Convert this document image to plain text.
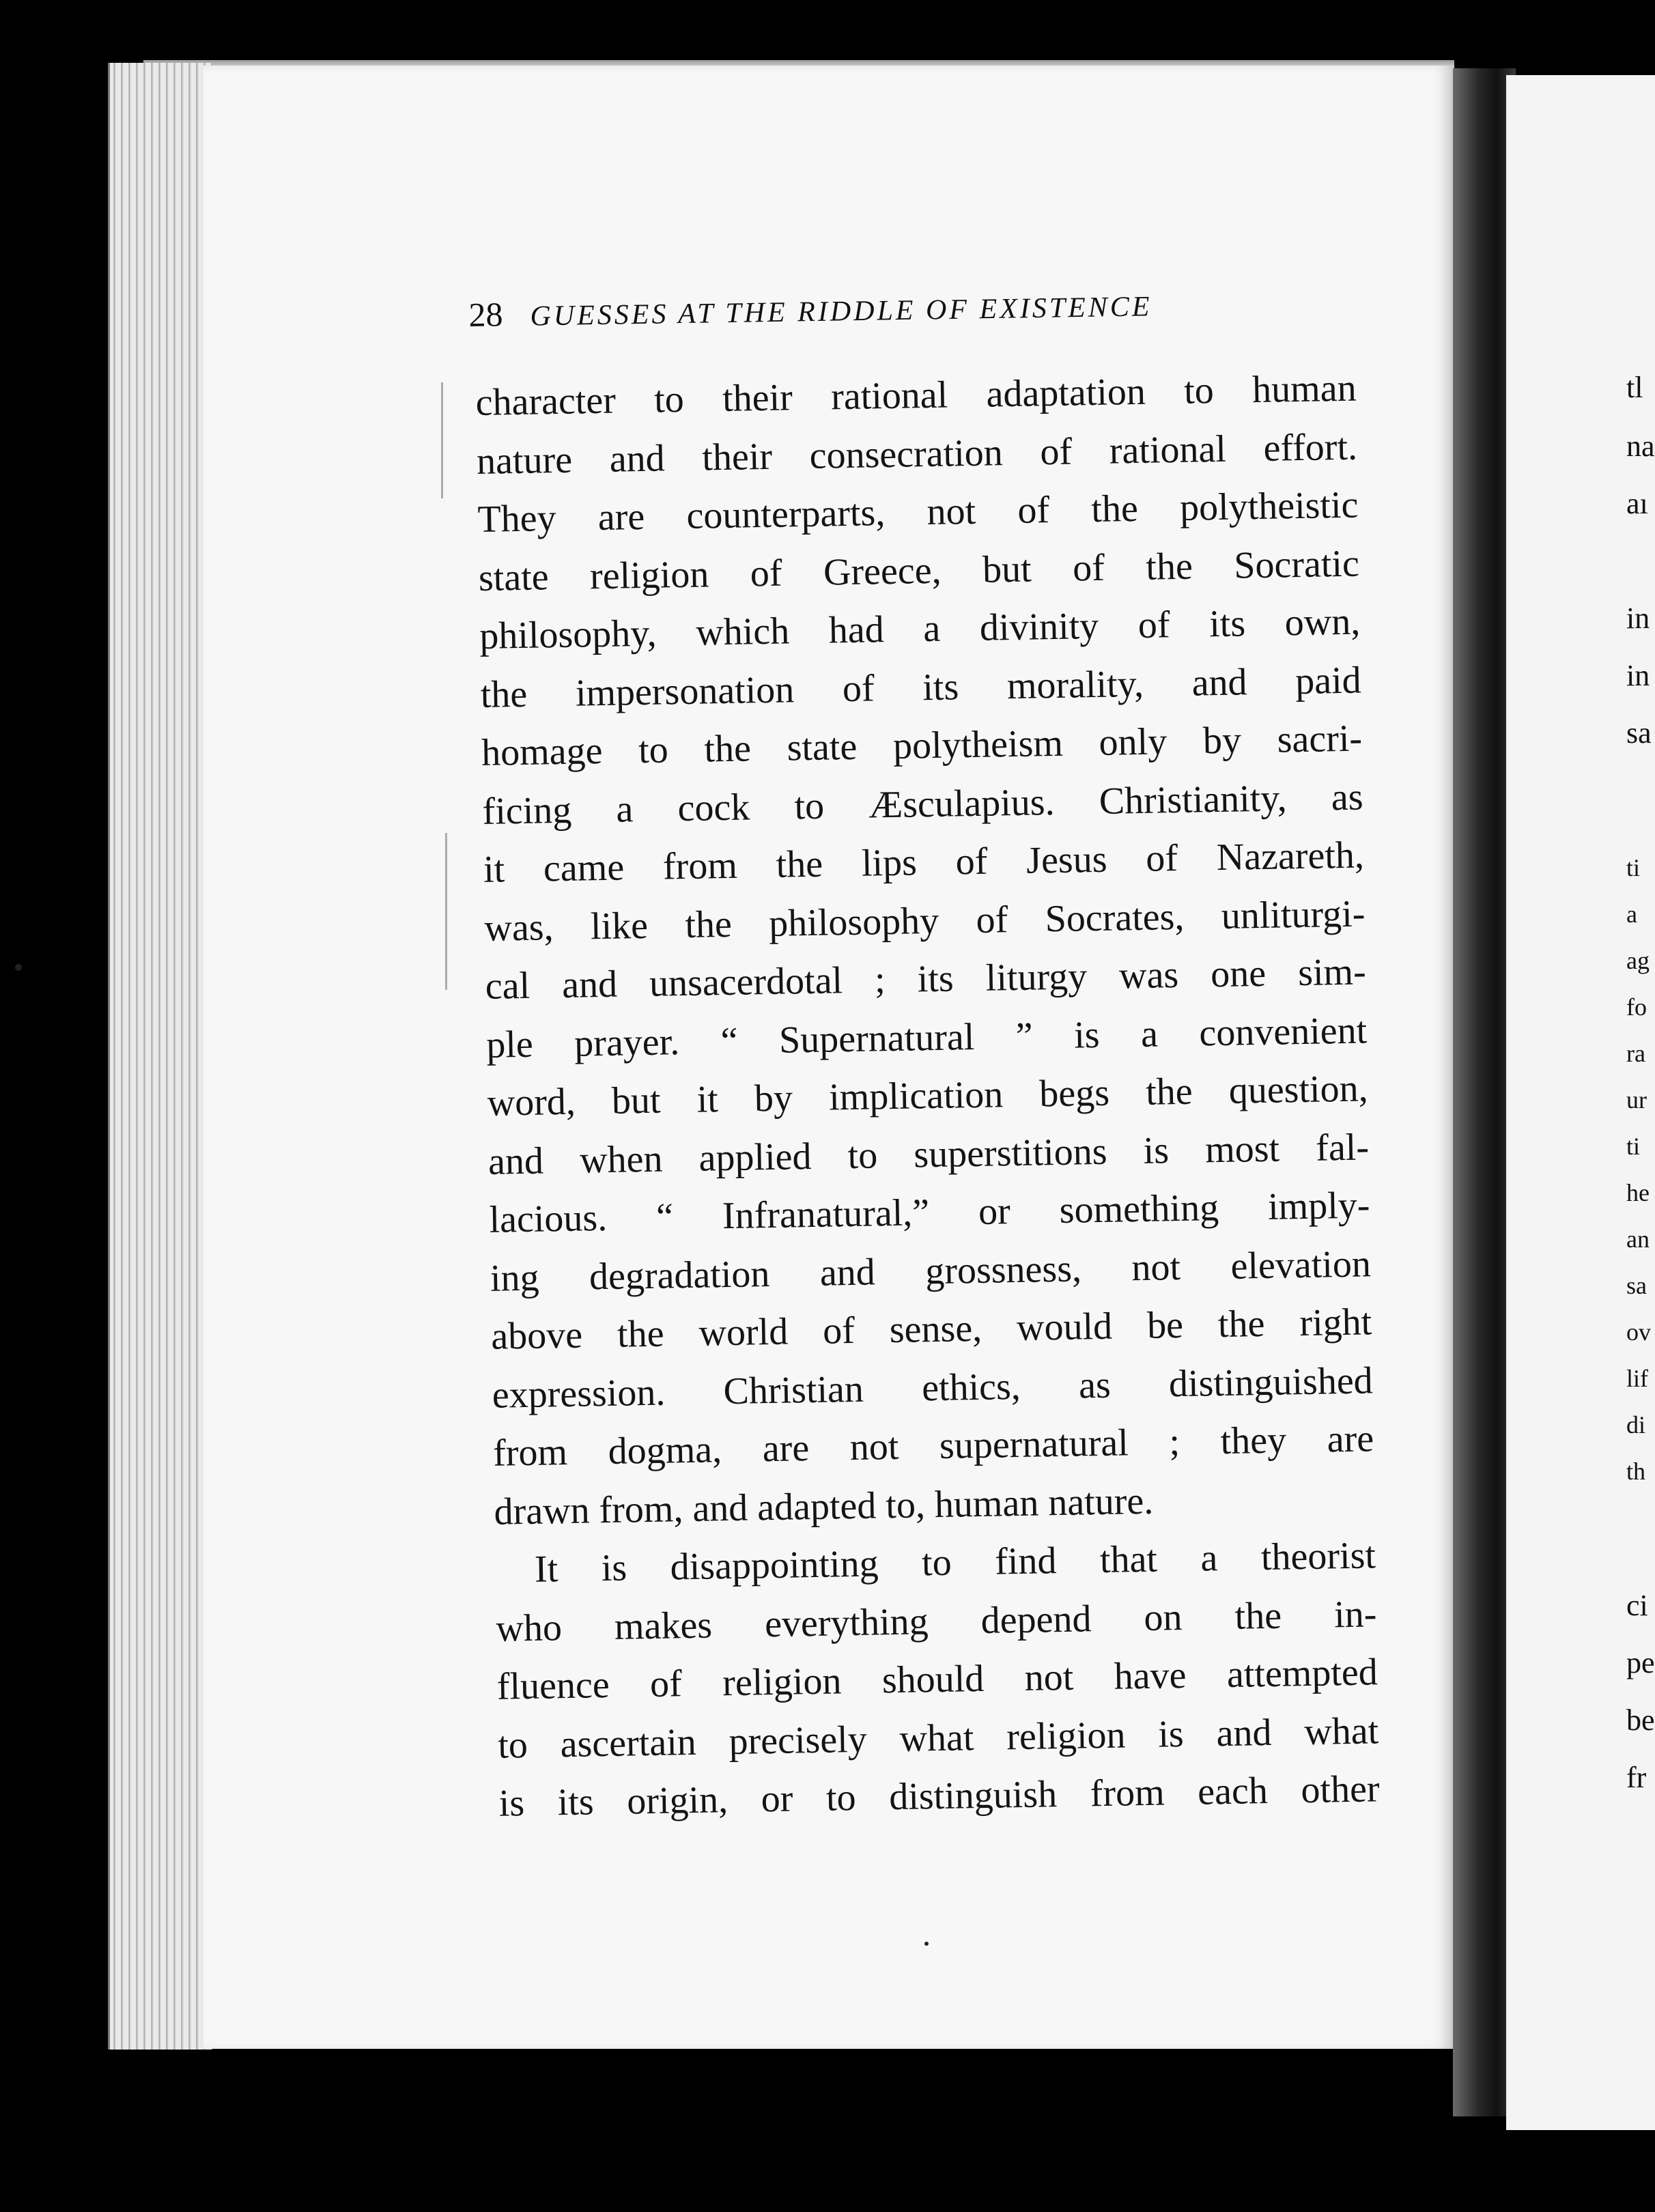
tl
na
aı
in
in
sa
ti
a
ag
fo
ra
ur
ti
he
an
sa
ov
lif
di
th
ci
pe
be
fr
28 GUESSES AT THE RIDDLE OF EXISTENCE
character to their rational adaptation to human
nature and their consecration of rational effort.
They are counterparts, not of the polytheistic
state religion of Greece, but of the Socratic
philosophy, which had a divinity of its own,
the impersonation of its morality, and paid
homage to the state polytheism only by sacri-
ficing a cock to Æsculapius. Christianity, as
it came from the lips of Jesus of Nazareth,
was, like the philosophy of Socrates, unliturgi-
cal and unsacerdotal ; its liturgy was one sim-
ple prayer. “ Supernatural ” is a convenient
word, but it by implication begs the question,
and when applied to superstitions is most fal-
lacious. “ Infranatural,” or something imply-
ing degradation and grossness, not elevation
above the world of sense, would be the right
expression. Christian ethics, as distinguished
from dogma, are not supernatural ; they are
drawn from, and adapted to, human nature.
It is disappointing to find that a theorist
who makes everything depend on the in-
fluence of religion should not have attempted
to ascertain precisely what religion is and what
is its origin, or to distinguish from each other
